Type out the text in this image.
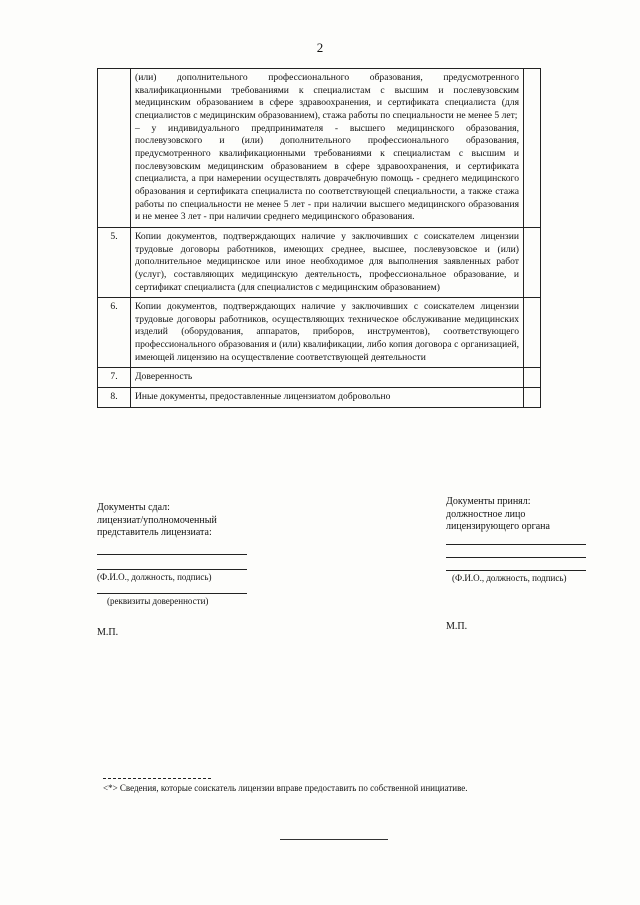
2

	(или) дополнительного профессионального образования, предусмотренного квалификационными требованиями к специалистам с высшим и послевузовским медицинским образованием в сфере здравоохранения, и сертификата специалиста (для специалистов с медицинским образованием), стажа работы по специальности не менее 5 лет;

– у индивидуального предпринимателя - высшего медицинского образования, послевузовского и (или) дополнительного профессионального образования, предусмотренного квалификационными требованиями к специалистам с высшим и послевузовским медицинским образованием в сфере здравоохранения, и сертификата специалиста, а при намерении осуществлять доврачебную помощь - среднего медицинского образования и сертификата специалиста по соответствующей специальности, а также стажа работы по специальности не менее 5 лет - при наличии высшего медицинского образования и не менее 3 лет - при наличии среднего медицинского образования.	

5.	Копии документов, подтверждающих наличие у заключивших с соискателем лицензии трудовые договоры работников, имеющих среднее, высшее, послевузовское и (или) дополнительное медицинское или иное необходимое для выполнения заявленных работ (услуг), составляющих медицинскую деятельность, профессиональное образование, и сертификат специалиста (для специалистов с медицинским образованием)	
6.	Копии документов, подтверждающих наличие у заключивших с соискателем лицензии трудовые договоры работников, осуществляющих техническое обслуживание медицинских изделий (оборудования, аппаратов, приборов, инструментов), соответствующего профессионального образования и (или) квалификации, либо копия договора с организацией, имеющей лицензию на осуществление соответствующей деятельности	
7.	Доверенность	
8.	Иные документы, предоставленные лицензиатом добровольно	
Документы сдал:
лицензиат/уполномоченный
представитель лицензиата:
(Ф.И.О., должность, подпись)
(реквизиты доверенности)
Документы принял:
должностное лицо
лицензирующего органа
(Ф.И.О., должность, подпись)
М.П.
М.П.
<*> Сведения, которые соискатель лицензии вправе предоставить по собственной инициативе.
